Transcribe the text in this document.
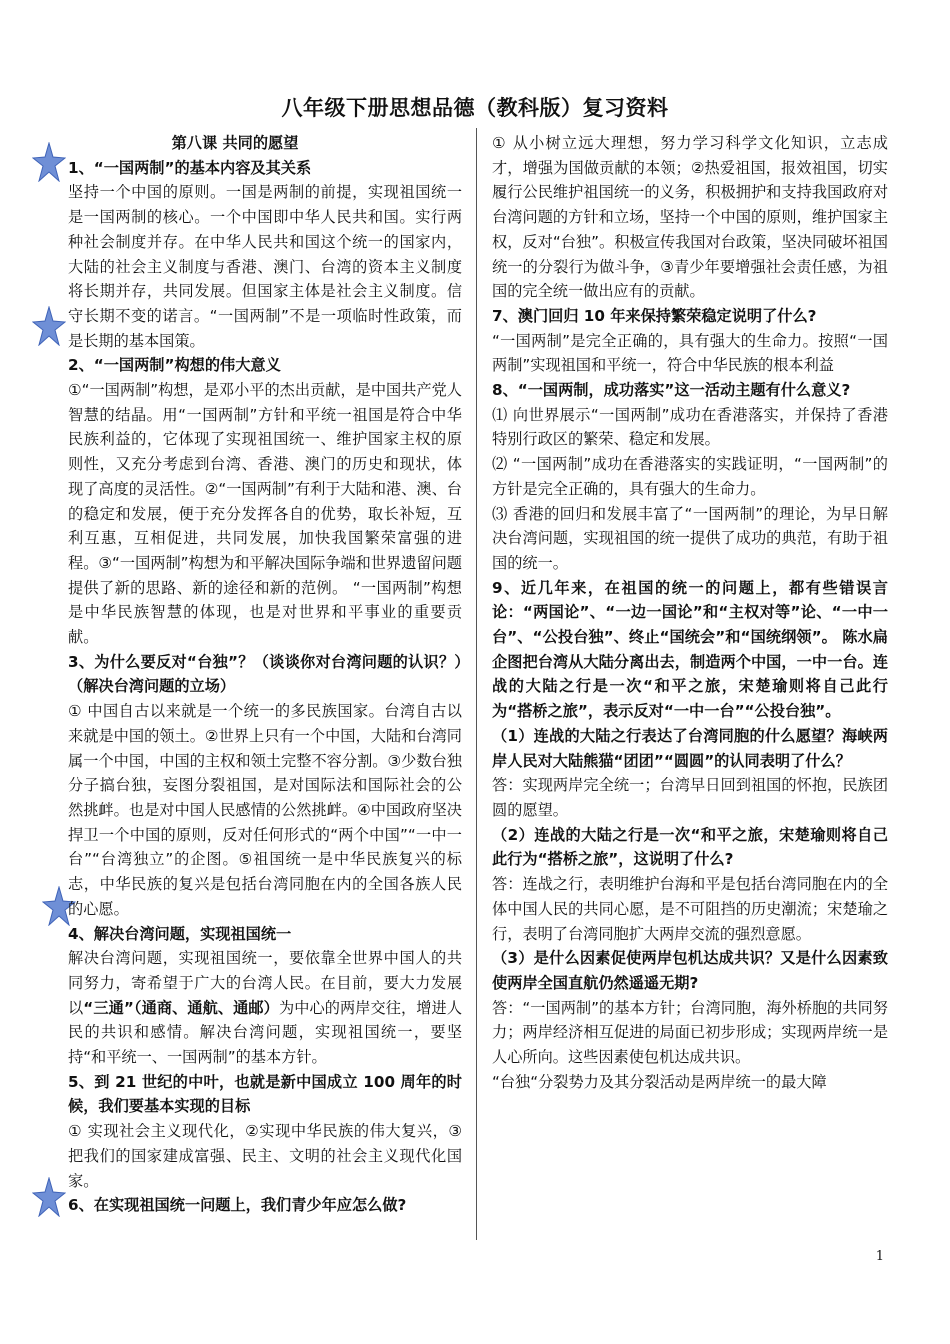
八年级下册思想品德（教科版）复习资料

第八课 共同的愿望

1、“一国两制”的基本内容及其关系

坚持一个中国的原则。一国是两制的前提，实现祖国统一是一国两制的核心。一个中国即中华人民共和国。实行两种社会制度并存。在中华人民共和国这个统一的国家内，大陆的社会主义制度与香港、澳门、台湾的资本主义制度将长期并存，共同发展。但国家主体是社会主义制度。信守长期不变的诺言。“一国两制”不是一项临时性政策，而是长期的基本国策。

2、“一国两制”构想的伟大意义

①“一国两制”构想，是邓小平的杰出贡献，是中国共产党人智慧的结晶。用“一国两制”方针和平统一祖国是符合中华民族利益的，它体现了实现祖国统一、维护国家主权的原则性，又充分考虑到台湾、香港、澳门的历史和现状，体现了高度的灵活性。②“一国两制”有利于大陆和港、澳、台的稳定和发展，便于充分发挥各自的优势，取长补短，互利互惠，互相促进，共同发展，加快我国繁荣富强的进程。③“一国两制”构想为和平解决国际争端和世界遗留问题提供了新的思路、新的途径和新的范例。 “一国两制”构想是中华民族智慧的体现，也是对世界和平事业的重要贡献。

3、为什么要反对“台独”？（谈谈你对台湾问题的认识？）（解决台湾问题的立场）

① 中国自古以来就是一个统一的多民族国家。台湾自古以来就是中国的领土。②世界上只有一个中国，大陆和台湾同属一个中国，中国的主权和领土完整不容分割。③少数台独分子搞台独，妄图分裂祖国，是对国际法和国际社会的公然挑衅。也是对中国人民感情的公然挑衅。④中国政府坚决捍卫一个中国的原则，反对任何形式的“两个中国”“一中一台”“台湾独立”的企图。⑤祖国统一是中华民族复兴的标志，中华民族的复兴是包括台湾同胞在内的全国各族人民的心愿。

4、解决台湾问题，实现祖国统一

解决台湾问题，实现祖国统一，要依靠全世界中国人的共同努力，寄希望于广大的台湾人民。在目前，要大力发展以“三通”（通商、通航、通邮）为中心的两岸交往，增进人民的共识和感情。解决台湾问题，实现祖国统一，要坚持“和平统一、一国两制”的基本方针。

5、到 21 世纪的中叶，也就是新中国成立 100 周年的时候，我们要基本实现的目标

① 实现社会主义现代化，②实现中华民族的伟大复兴，③把我们的国家建成富强、民主、文明的社会主义现代化国家。

6、在实现祖国统一问题上，我们青少年应怎么做?

① 从小树立远大理想，努力学习科学文化知识，立志成才，增强为国做贡献的本领；②热爱祖国，报效祖国，切实履行公民维护祖国统一的义务，积极拥护和支持我国政府对台湾问题的方针和立场，坚持一个中国的原则，维护国家主权，反对“台独”。积极宣传我国对台政策，坚决同破坏祖国统一的分裂行为做斗争，③青少年要增强社会责任感，为祖国的完全统一做出应有的贡献。

7、澳门回归 10 年来保持繁荣稳定说明了什么?

“一国两制”是完全正确的，具有强大的生命力。按照“一国两制”实现祖国和平统一，符合中华民族的根本利益

8、“一国两制，成功落实”这一活动主题有什么意义?

⑴ 向世界展示“一国两制”成功在香港落实，并保持了香港特别行政区的繁荣、稳定和发展。

⑵ “一国两制”成功在香港落实的实践证明，“一国两制”的方针是完全正确的，具有强大的生命力。

⑶ 香港的回归和发展丰富了“一国两制”的理论，为早日解决台湾问题，实现祖国的统一提供了成功的典范，有助于祖国的统一。

9、近几年来，在祖国的统一的问题上，都有些错误言论：“两国论”、“一边一国论”和“主权对等”论、“一中一台”、“公投台独”、终止“国统会”和“国统纲领”。 陈水扁企图把台湾从大陆分离出去，制造两个中国，一中一台。连战的大陆之行是一次“和平之旅，宋楚瑜则将自己此行为“搭桥之旅”，表示反对“一中一台”“公投台独”。

（1）连战的大陆之行表达了台湾同胞的什么愿望？海峡两岸人民对大陆熊猫“团团”“圆圆”的认同表明了什么？

答：实现两岸完全统一；台湾早日回到祖国的怀抱，民族团圆的愿望。

（2）连战的大陆之行是一次“和平之旅，宋楚瑜则将自己此行为“搭桥之旅”，这说明了什么?

答：连战之行，表明维护台海和平是包括台湾同胞在内的全体中国人民的共同心愿，是不可阻挡的历史潮流；宋楚瑜之行，表明了台湾同胞扩大两岸交流的强烈意愿。

（3）是什么因素促使两岸包机达成共识？又是什么因素致使两岸全国直航仍然遥遥无期?

答：“一国两制”的基本方针；台湾同胞，海外桥胞的共同努力；两岸经济相互促进的局面已初步形成；实现两岸统一是人心所向。这些因素使包机达成共识。

“台独“分裂势力及其分裂活动是两岸统一的最大障

1
